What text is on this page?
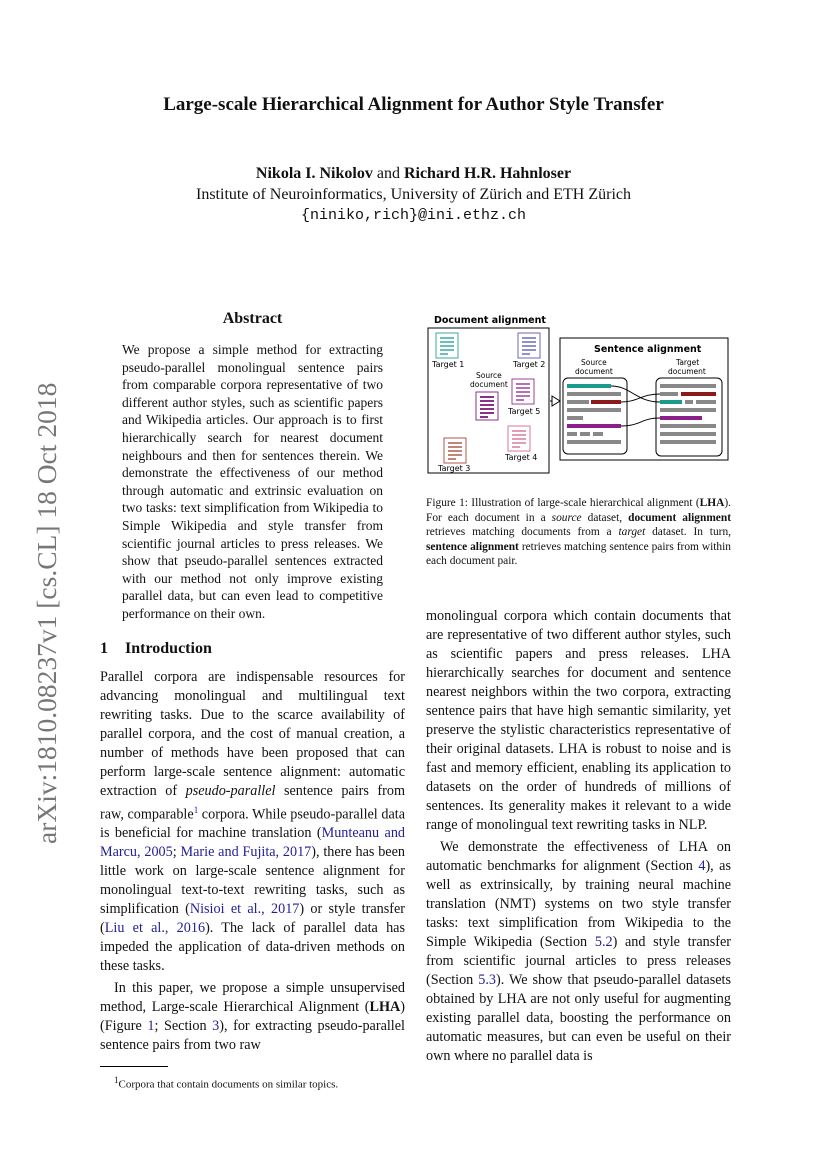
arXiv:1810.08237v1 [cs.CL] 18 Oct 2018
Large-scale Hierarchical Alignment for Author Style Transfer
Nikola I. Nikolov and Richard H.R. Hahnloser
Institute of Neuroinformatics, University of Zürich and ETH Zürich
{niniko,rich}@ini.ethz.ch
Abstract

We propose a simple method for extracting pseudo-parallel monolingual sentence pairs from comparable corpora representative of two different author styles, such as scientific papers and Wikipedia articles. Our approach is to first hierarchically search for nearest document neighbours and then for sentences therein. We demonstrate the effectiveness of our method through automatic and extrinsic evaluation on two tasks: text simplification from Wikipedia to Simple Wikipedia and style transfer from scientific journal articles to press releases. We show that pseudo-parallel sentences extracted with our method not only improve existing parallel data, but can even lead to competitive performance on their own.

1 Introduction

Parallel corpora are indispensable resources for advancing monolingual and multilingual text rewriting tasks. Due to the scarce availability of parallel corpora, and the cost of manual creation, a number of methods have been proposed that can perform large-scale sentence alignment: automatic extraction of pseudo-parallel sentence pairs from raw, comparable$^1$ corpora. While pseudo-parallel data is beneficial for machine translation (Munteanu and Marcu, 2005; Marie and Fujita, 2017), there has been little work on large-scale sentence alignment for monolingual text-to-text rewriting tasks, such as simplification (Nisioi et al., 2017) or style transfer (Liu et al., 2016). The lack of parallel data has impeded the application of data-driven methods on these tasks.

In this paper, we propose a simple unsupervised method, Large-scale Hierarchical Alignment (LHA) (Figure 1; Section 3), for extracting pseudo-parallel sentence pairs from two raw

$^1$Corpora that contain documents on similar topics.
Document alignment
Target 1	Target 2
Source
document
Target 5
Target 4
Target 3
Sentence alignment
Source
document
Target
document
Figure 1: Illustration of large-scale hierarchical alignment (LHA). For each document in a source dataset, document alignment retrieves matching documents from a target dataset. In turn, sentence alignment retrieves matching sentence pairs from within each document pair.

monolingual corpora which contain documents that are representative of two different author styles, such as scientific papers and press releases. LHA hierarchically searches for document and sentence nearest neighbors within the two corpora, extracting sentence pairs that have high semantic similarity, yet preserve the stylistic characteristics representative of their original datasets. LHA is robust to noise and is fast and memory efficient, enabling its application to datasets on the order of hundreds of millions of sentences. Its generality makes it relevant to a wide range of monolingual text rewriting tasks in NLP.

We demonstrate the effectiveness of LHA on automatic benchmarks for alignment (Section 4), as well as extrinsically, by training neural machine translation (NMT) systems on two style transfer tasks: text simplification from Wikipedia to the Simple Wikipedia (Section 5.2) and style transfer from scientific journal articles to press releases (Section 5.3). We show that pseudo-parallel datasets obtained by LHA are not only useful for augmenting existing parallel data, boosting the performance on automatic measures, but can even be useful on their own where no parallel data is
